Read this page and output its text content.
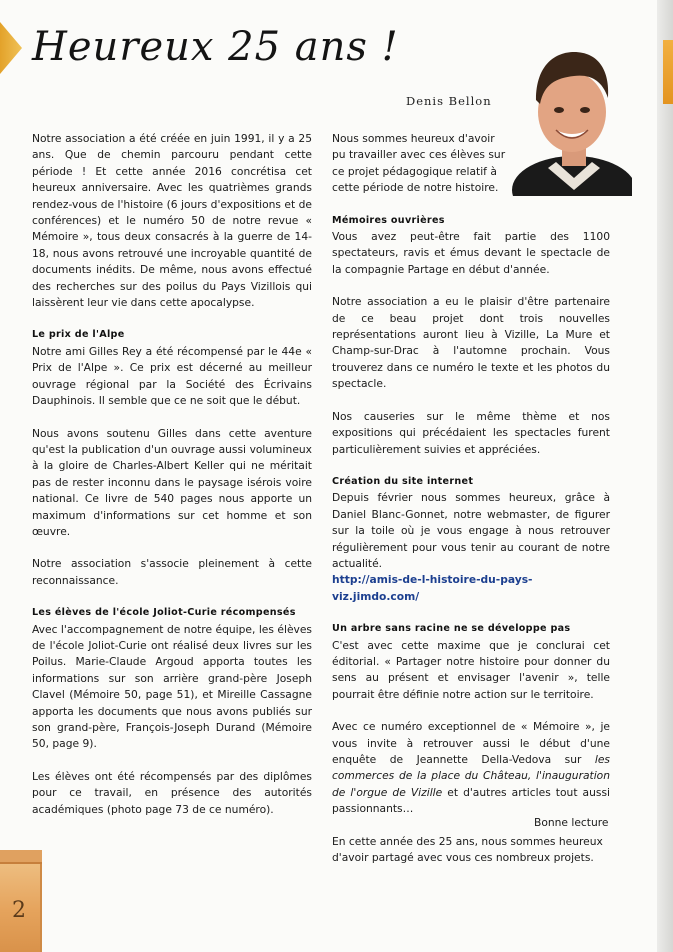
Heureux 25 ans !
Denis Bellon

Notre association a été créée en juin 1991, il y a 25 ans. Que de chemin parcouru pendant cette période ! Et cette année 2016 concrétisa cet heureux anniversaire. Avec les quatrièmes grands rendez-vous de l'histoire (6 jours d'expositions et de conférences) et le numéro 50 de notre revue « Mémoire », tous deux consacrés à la guerre de 14-18, nous avons retrouvé une incroyable quantité de documents inédits. De même, nous avons effectué des recherches sur des poilus du Pays Vizillois qui laissèrent leur vie dans cette apocalypse.

Le prix de l'Alpe

Notre ami Gilles Rey a été récompensé par le 44e « Prix de l'Alpe ». Ce prix est décerné au meilleur ouvrage régional par la Société des Écrivains Dauphinois. Il semble que ce ne soit que le début.

Nous avons soutenu Gilles dans cette aventure qu'est la publication d'un ouvrage aussi volumineux à la gloire de Charles-Albert Keller qui ne méritait pas de rester inconnu dans le paysage isérois voire national. Ce livre de 540 pages nous apporte un maximum d'informations sur cet homme et son œuvre.

Notre association s'associe pleinement à cette reconnaissance.

Les élèves de l'école Joliot-Curie récompensés

Avec l'accompagnement de notre équipe, les élèves de l'école Joliot-Curie ont réalisé deux livres sur les Poilus. Marie-Claude Argoud apporta toutes les informations sur son arrière grand-père Joseph Clavel (Mémoire 50, page 51), et Mireille Cassagne apporta les documents que nous avons publiés sur son grand-père, François-Joseph Durand (Mémoire 50, page 9).

Les élèves ont été récompensés par des diplômes pour ce travail, en présence des autorités académiques (photo page 73 de ce numéro).

Nous sommes heureux d'avoir pu travailler avec ces élèves sur ce projet pédagogique relatif à cette période de notre histoire.

Mémoires ouvrières

Vous avez peut-être fait partie des 1100 spectateurs, ravis et émus devant le spectacle de la compagnie Partage en début d'année.

Notre association a eu le plaisir d'être partenaire de ce beau projet dont trois nouvelles représentations auront lieu à Vizille, La Mure et Champ-sur-Drac à l'automne prochain. Vous trouverez dans ce numéro le texte et les photos du spectacle.

Nos causeries sur le même thème et nos expositions qui précédaient les spectacles furent particulièrement suivies et appréciées.

Création du site internet

Depuis février nous sommes heureux, grâce à Daniel Blanc-Gonnet, notre webmaster, de figurer sur la toile où je vous engage à nous retrouver régulièrement pour vous tenir au courant de notre actualité.

http://amis-de-l-histoire-du-pays-viz.jimdo.com/

Un arbre sans racine ne se développe pas

C'est avec cette maxime que je conclurai cet éditorial. « Partager notre histoire pour donner du sens au présent et envisager l'avenir », telle pourrait être définie notre action sur le territoire.

Avec ce numéro exceptionnel de « Mémoire », je vous invite à retrouver aussi le début d'une enquête de Jeannette Della-Vedova sur les commerces de la place du Château, l'inauguration de l'orgue de Vizille et d'autres articles tout aussi passionnants…

En cette année des 25 ans, nous sommes heureux d'avoir partagé avec vous ces nombreux projets.

Bonne lecture
2
